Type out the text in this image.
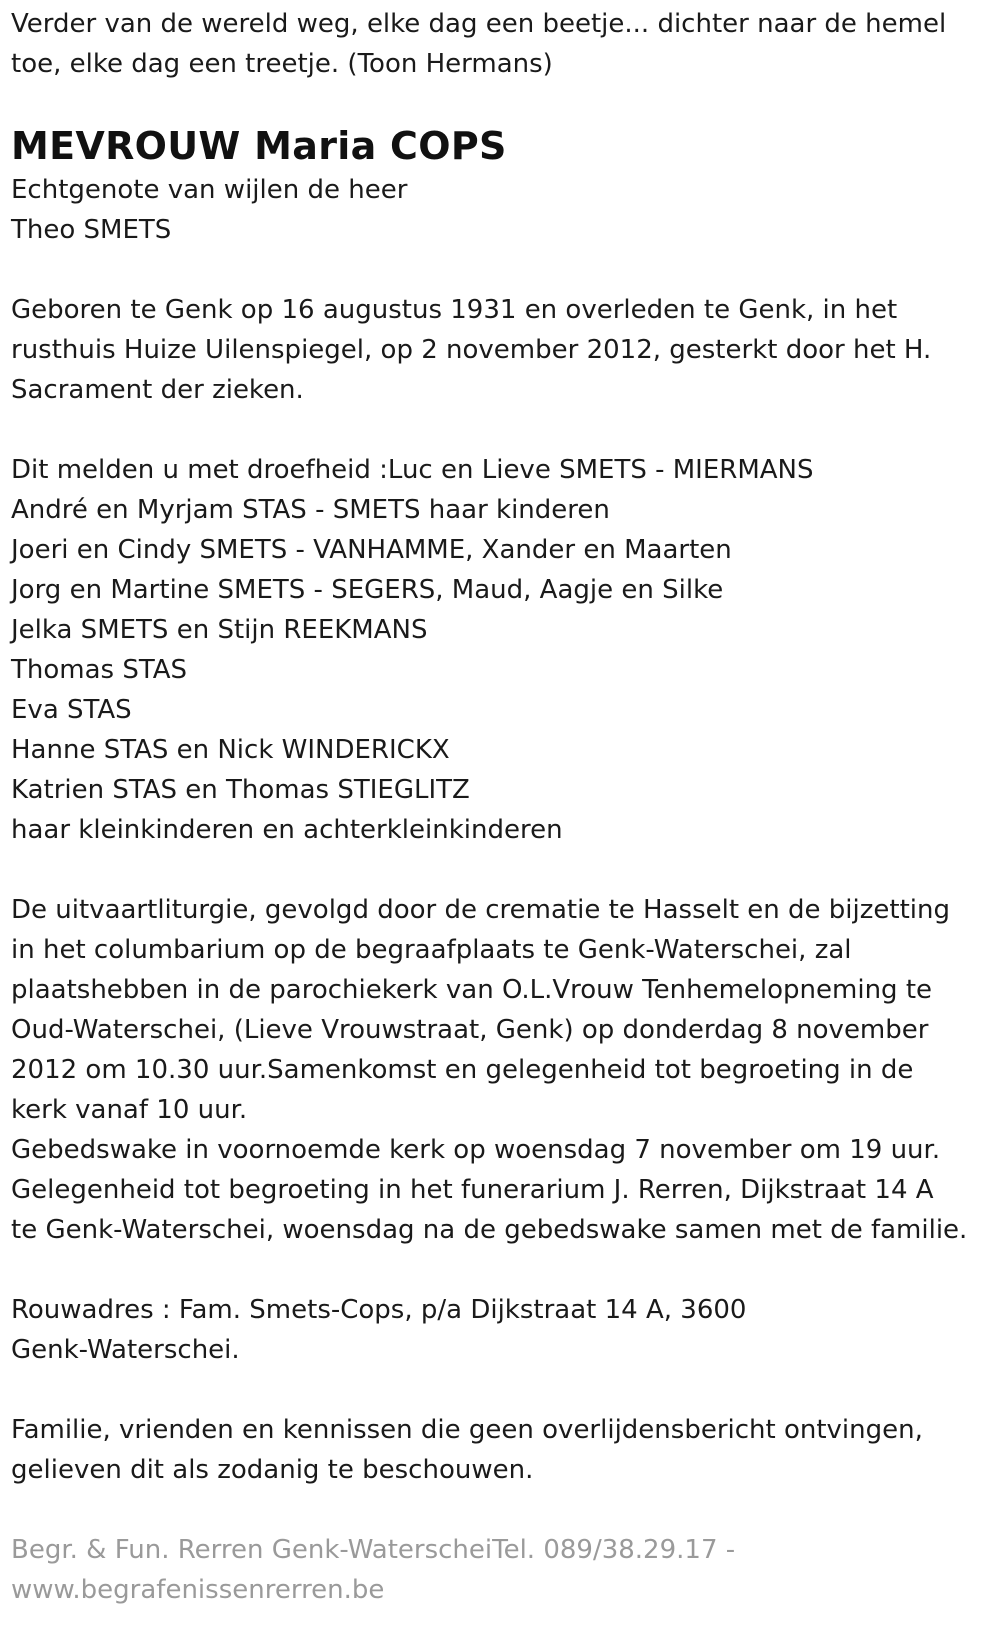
Verder van de wereld weg, elke dag een beetje... dichter naar de hemel
toe, elke dag een treetje. (Toon Hermans)
MEVROUW Maria COPS
Echtgenote van wijlen de heer
Theo SMETS
Geboren te Genk op 16 augustus 1931 en overleden te Genk, in het
rusthuis Huize Uilenspiegel, op 2 november 2012, gesterkt door het H.
Sacrament der zieken.
Dit melden u met droefheid :Luc en Lieve SMETS - MIERMANS
André en Myrjam STAS - SMETS haar kinderen
Joeri en Cindy SMETS - VANHAMME, Xander en Maarten
Jorg en Martine SMETS - SEGERS, Maud, Aagje en Silke
Jelka SMETS en Stijn REEKMANS
Thomas STAS
Eva STAS
Hanne STAS en Nick WINDERICKX
Katrien STAS en Thomas STIEGLITZ
haar kleinkinderen en achterkleinkinderen
De uitvaartliturgie, gevolgd door de crematie te Hasselt en de bijzetting
in het columbarium op de begraafplaats te Genk-Waterschei, zal
plaatshebben in de parochiekerk van O.L.Vrouw Tenhemelopneming te
Oud-Waterschei, (Lieve Vrouwstraat, Genk) op donderdag 8 november
2012 om 10.30 uur.Samenkomst en gelegenheid tot begroeting in de
kerk vanaf 10 uur.
Gebedswake in voornoemde kerk op woensdag 7 november om 19 uur.
Gelegenheid tot begroeting in het funerarium J. Rerren, Dijkstraat 14 A
te Genk-Waterschei, woensdag na de gebedswake samen met de familie.
Rouwadres : Fam. Smets-Cops, p/a Dijkstraat 14 A, 3600
Genk-Waterschei.
Familie, vrienden en kennissen die geen overlijdensbericht ontvingen,
gelieven dit als zodanig te beschouwen.
Begr. & Fun. Rerren Genk-WaterscheiTel. 089/38.29.17 -
www.begrafenissenrerren.be
